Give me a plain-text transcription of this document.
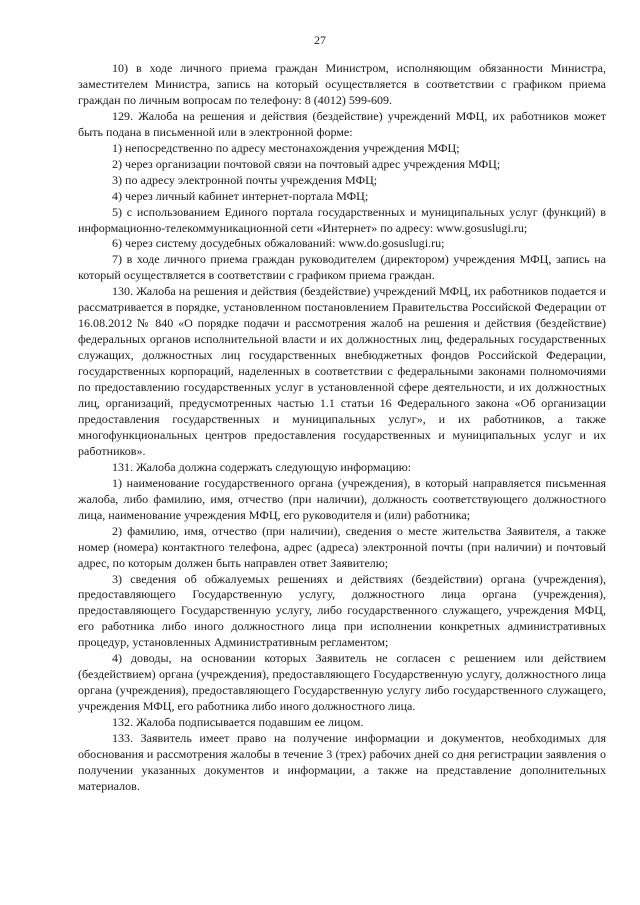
27

10) в ходе личного приема граждан Министром, исполняющим обязанности Министра, заместителем Министра, запись на который осуществляется в соответствии с графиком приема граждан по личным вопросам по телефону: 8 (4012) 599-609.

129. Жалоба на решения и действия (бездействие) учреждений МФЦ, их работников может быть подана в письменной или в электронной форме:

1) непосредственно по адресу местонахождения учреждения МФЦ;

2) через организации почтовой связи на почтовый адрес учреждения МФЦ;

3) по адресу электронной почты учреждения МФЦ;

4) через личный кабинет интернет-портала МФЦ;

5) с использованием Единого портала государственных и муниципальных услуг (функций) в информационно-телекоммуникационной сети «Интернет» по адресу: www.gosuslugi.ru;

6) через систему досудебных обжалований: www.do.gosuslugi.ru;

7) в ходе личного приема граждан руководителем (директором) учреждения МФЦ, запись на который осуществляется в соответствии с графиком приема граждан.

130. Жалоба на решения и действия (бездействие) учреждений МФЦ, их работников подается и рассматривается в порядке, установленном постановлением Правительства Российской Федерации от 16.08.2012 № 840 «О порядке подачи и рассмотрения жалоб на решения и действия (бездействие) федеральных органов исполнительной власти и их должностных лиц, федеральных государственных служащих, должностных лиц государственных внебюджетных фондов Российской Федерации, государственных корпораций, наделенных в соответствии с федеральными законами полномочиями по предоставлению государственных услуг в установленной сфере деятельности, и их должностных лиц, организаций, предусмотренных частью 1.1 статьи 16 Федерального закона «Об организации предоставления государственных и муниципальных услуг», и их работников, а также многофункциональных центров предоставления государственных и муниципальных услуг и их работников».

131. Жалоба должна содержать следующую информацию:

1) наименование государственного органа (учреждения), в который направляется письменная жалоба, либо фамилию, имя, отчество (при наличии), должность соответствующего должностного лица, наименование учреждения МФЦ, его руководителя и (или) работника;

2) фамилию, имя, отчество (при наличии), сведения о месте жительства Заявителя, а также номер (номера) контактного телефона, адрес (адреса) электронной почты (при наличии) и почтовый адрес, по которым должен быть направлен ответ Заявителю;

3) сведения об обжалуемых решениях и действиях (бездействии) органа (учреждения), предоставляющего Государственную услугу, должностного лица органа (учреждения), предоставляющего Государственную услугу, либо государственного служащего, учреждения МФЦ, его работника либо иного должностного лица при исполнении конкретных административных процедур, установленных Административным регламентом;

4) доводы, на основании которых Заявитель не согласен с решением или действием (бездействием) органа (учреждения), предоставляющего Государственную услугу, должностного лица органа (учреждения), предоставляющего Государственную услугу либо государственного служащего, учреждения МФЦ, его работника либо иного должностного лица.

132. Жалоба подписывается подавшим ее лицом.

133. Заявитель имеет право на получение информации и документов, необходимых для обоснования и рассмотрения жалобы в течение 3 (трех) рабочих дней со дня регистрации заявления о получении указанных документов и информации, а также на представление дополнительных материалов.
